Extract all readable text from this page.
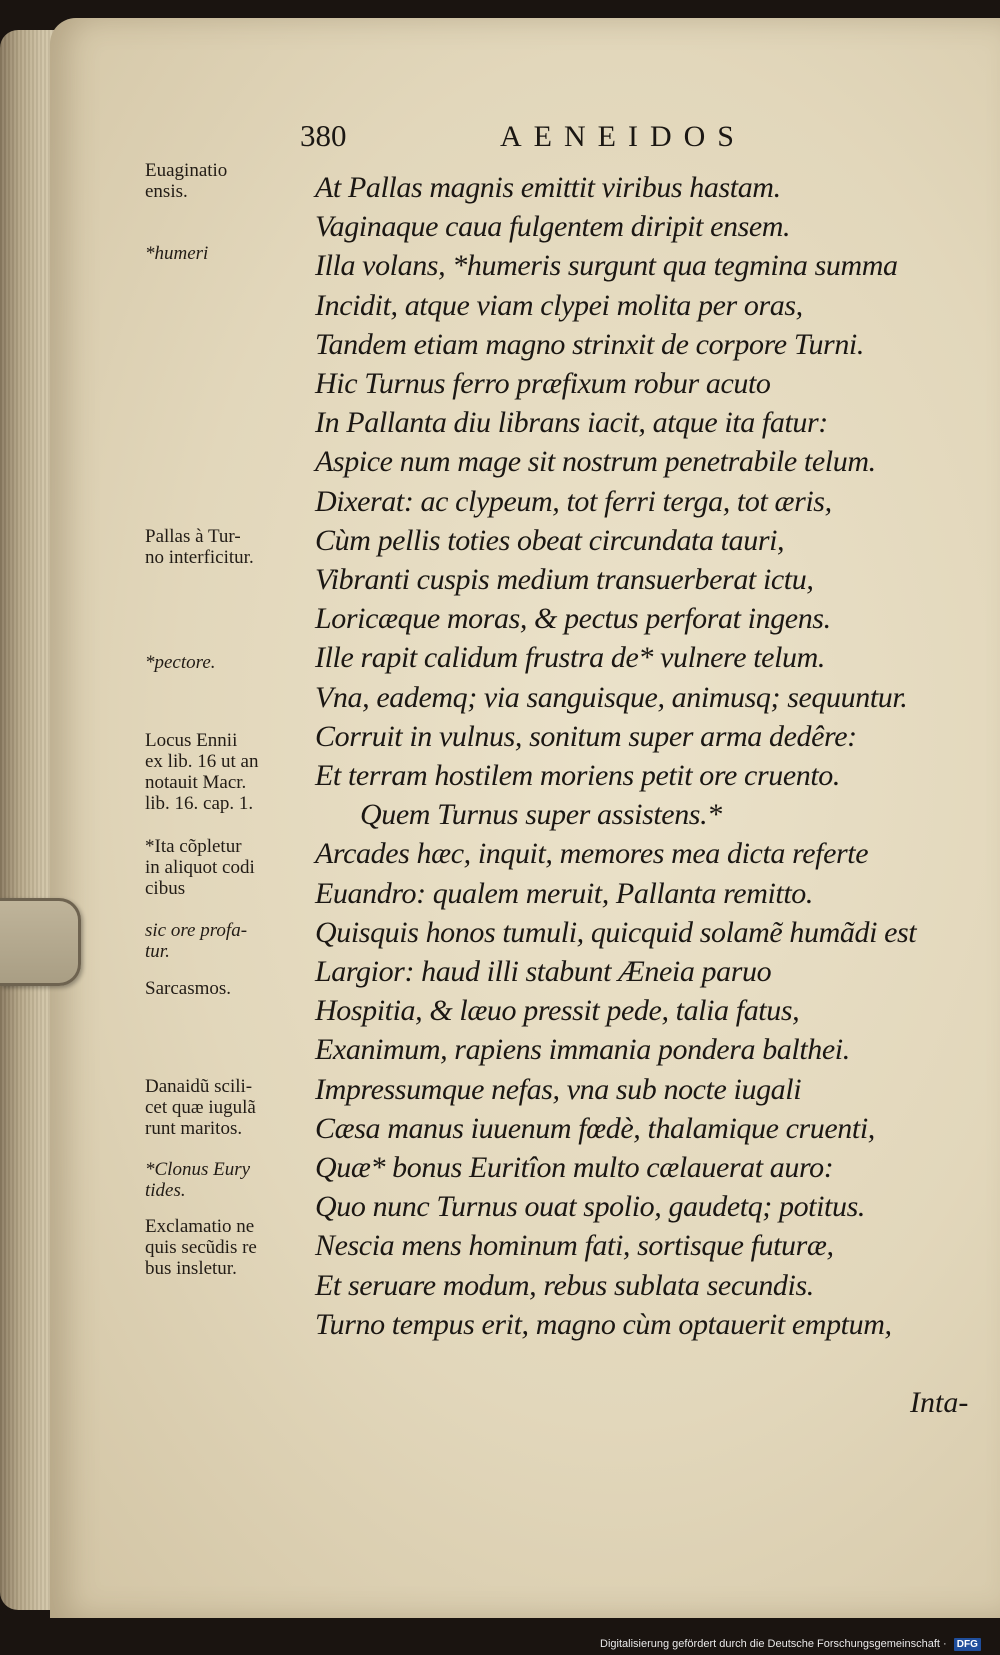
380	AENEIDOS
Euaginatio
ensis.
*humeri
Pallas à Tur-
no interficitur.
*pectore.
Locus Ennii
ex lib. 16 ut an
notauit Macr.
lib. 16. cap. 1.
*Ita cõpletur
in aliquot codi
cibus
sic ore profa-
tur.
Sarcasmos.
Danaidũ scili-
cet quæ iugulã
runt maritos.
*Clonus Eury
tides.
Exclamatio ne
quis secũdis re
bus insletur.
At Pallas magnis emittit viribus hastam.
Vaginaque caua fulgentem diripit ensem.
Illa volans, *humeris surgunt qua tegmina summa
Incidit, atque viam clypei molita per oras,
Tandem etiam magno strinxit de corpore Turni.
Hic Turnus ferro præfixum robur acuto
In Pallanta diu librans iacit, atque ita fatur:
Aspice num mage sit nostrum penetrabile telum.
Dixerat: ac clypeum, tot ferri terga, tot æris,
Cùm pellis toties obeat circundata tauri,
Vibranti cuspis medium transuerberat ictu,
Loricæque moras, & pectus perforat ingens.
Ille rapit calidum frustra de* vulnere telum.
Vna, eademq; via sanguisque, animusq; sequuntur.
Corruit in vulnus, sonitum super arma dedêre:
Et terram hostilem moriens petit ore cruento.
Quem Turnus super assistens.*
Arcades hæc, inquit, memores mea dicta referte
Euandro: qualem meruit, Pallanta remitto.
Quisquis honos tumuli, quicquid solamẽ humãdi est
Largior: haud illi stabunt Æneia paruo
Hospitia, & læuo pressit pede, talia fatus,
Exanimum, rapiens immania pondera balthei.
Impressumque nefas, vna sub nocte iugali
Cæsa manus iuuenum fœdè, thalamique cruenti,
Quæ* bonus Euritîon multo cælauerat auro:
Quo nunc Turnus ouat spolio, gaudetq; potitus.
Nescia mens hominum fati, sortisque futuræ,
Et seruare modum, rebus sublata secundis.
Turno tempus erit, magno cùm optauerit emptum,
Inta-
Digitalisierung gefördert durch die Deutsche Forschungsgemeinschaft · DFG
